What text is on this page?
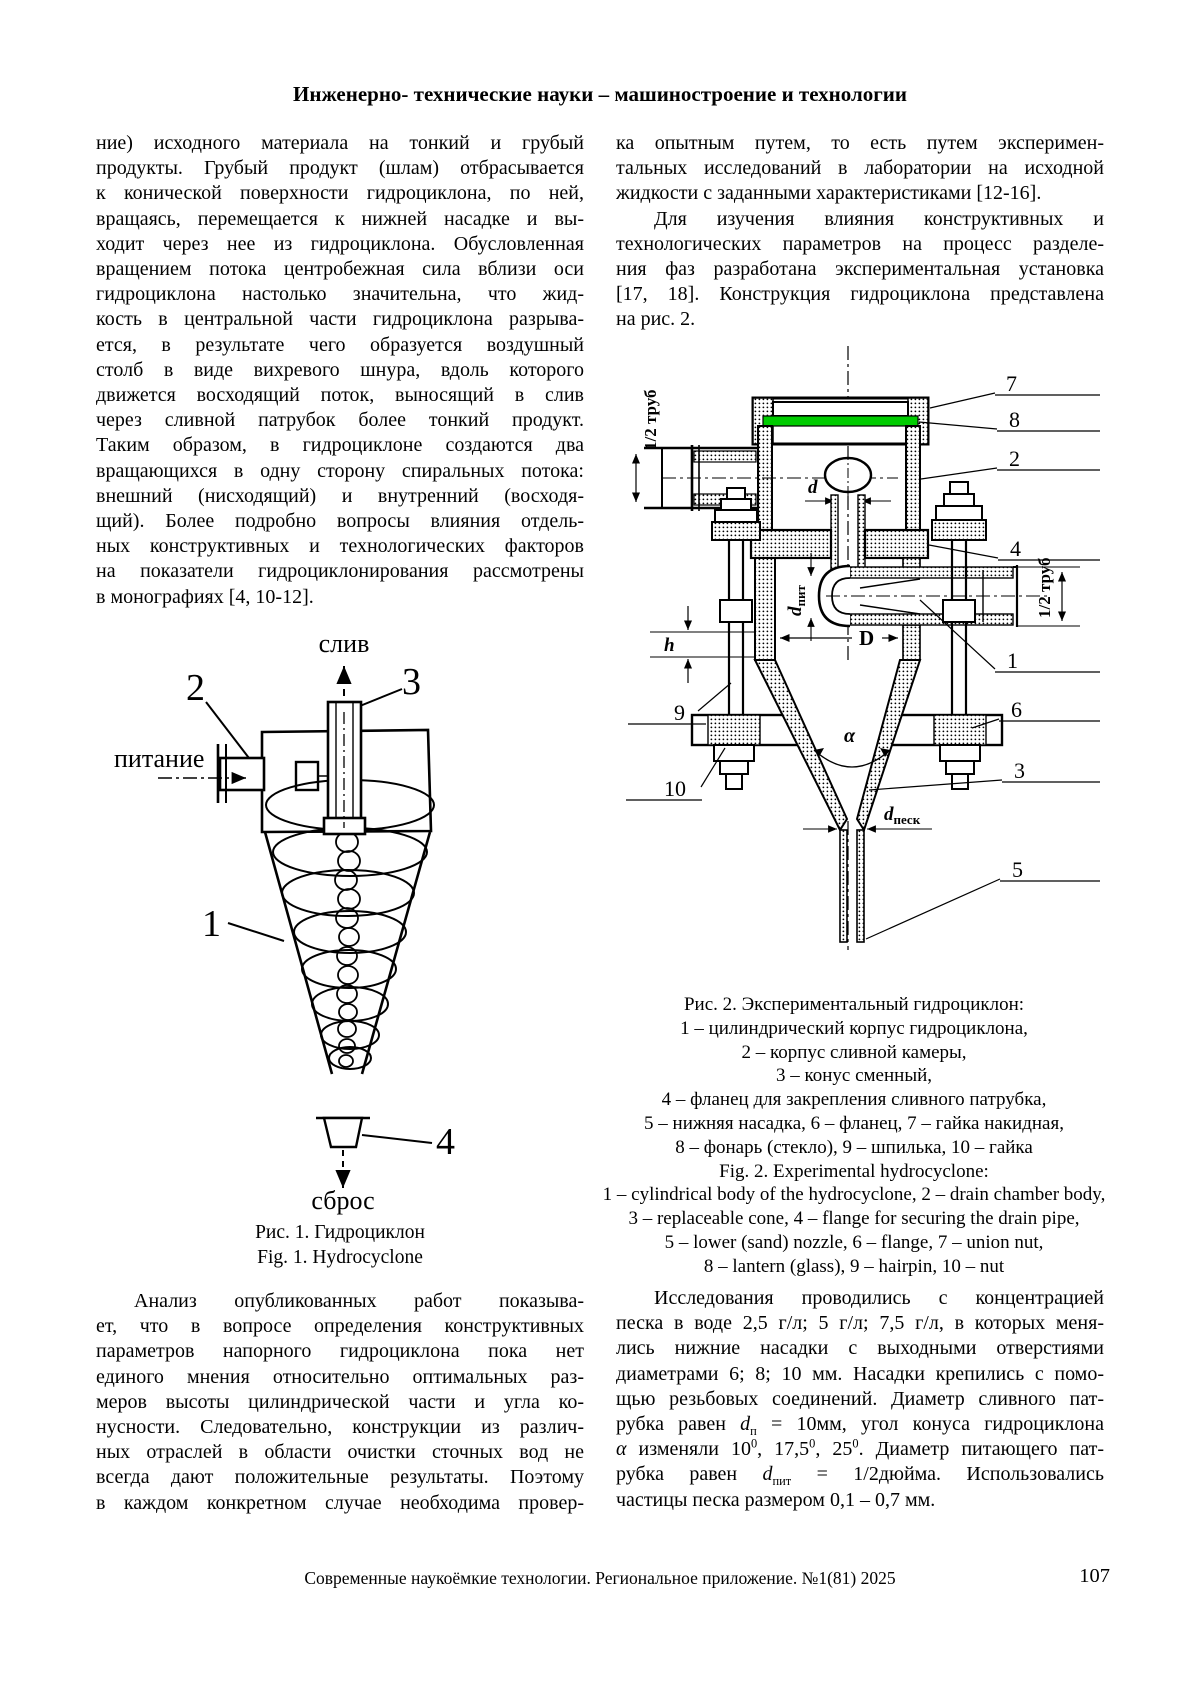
Инженерно- технические науки – машиностроение и технологии
ние) исходного материала на тонкий и грубый
продукты. Грубый продукт (шлам) отбрасывается
к конической поверхности гидроциклона, по ней,
вращаясь, перемещается к нижней насадке и вы-
ходит через нее из гидроциклона. Обусловленная
вращением потока центробежная сила вблизи оси
гидроциклона настолько значительна, что жид-
кость в центральной части гидроциклона разрыва-
ется, в результате чего образуется воздушный
столб в виде вихревого шнура, вдоль которого
движется восходящий поток, выносящий в слив
через сливной патрубок более тонкий продукт.
Таким образом, в гидроциклоне создаются два
вращающихся в одну сторону спиральных потока:
внешний (нисходящий) и внутренний (восходя-
щий). Более подробно вопросы влияния отдель-
ных конструктивных и технологических факторов
на показатели гидроциклонирования рассмотрены
в монографиях [4, 10-12].
ка опытным путем, то есть путем эксперимен-
тальных исследований в лаборатории на исходной
жидкости с заданными характеристиками [12-16].
Для изучения влияния конструктивных и
технологических параметров на процесс разделе-
ния фаз разработана экспериментальная установка
[17, 18]. Конструкция гидроциклона представлена
на рис. 2.
слив
3
2
питание
1
4
сброс
Рис. 1. Гидроциклон
Fig. 1. Hydrocyclone
Анализ опубликованных работ показыва-
ет, что в вопросе определения конструктивных
параметров напорного гидроциклона пока нет
единого мнения относительно оптимальных раз-
меров высоты цилиндрической части и угла ко-
нусности. Следовательно, конструкции из различ-
ных отраслей в области очистки сточных вод не
всегда дают положительные результаты. Поэтому
в каждом конкретном случае необходима провер-
1/2 труб
d
$d_{пит}$	1/2 труб
D
h
α
$d_{песк}$
7
8
2
4
1
6
3
5
9
10
Рис. 2. Экспериментальный гидроциклон:
1 – цилиндрический корпус гидроциклона,
2 – корпус сливной камеры,
3 – конус сменный,
4 – фланец для закрепления сливного патрубка,
5 – нижняя насадка, 6 – фланец, 7 – гайка накидная,
8 – фонарь (стекло), 9 – шпилька, 10 – гайка
Fig. 2. Experimental hydrocyclone:
1 – cylindrical body of the hydrocyclone, 2 – drain chamber body,
3 – replaceable cone, 4 – flange for securing the drain pipe,
5 – lower (sand) nozzle, 6 – flange, 7 – union nut,
8 – lantern (glass), 9 – hairpin, 10 – nut
Исследования проводились с концентрацией
песка в воде 2,5 г/л; 5 г/л; 7,5 г/л, в которых меня-
лись нижние насадки с выходными отверстиями
диаметрами 6; 8; 10 мм. Насадки крепились с помо-
щью резьбовых соединений. Диаметр сливного пат-
рубка равен $d_п = 10мм$, угол конуса гидроциклона
α изменяли $10^0$, 17,5$^0$, $25^0$. Диаметр питающего пат-
рубка равен $d_{пит}$ = 1/2дюйма. Использовались
частицы песка размером 0,1 – 0,7 мм.
Современные наукоёмкие технологии. Региональное приложение. №1(81) 2025	107
